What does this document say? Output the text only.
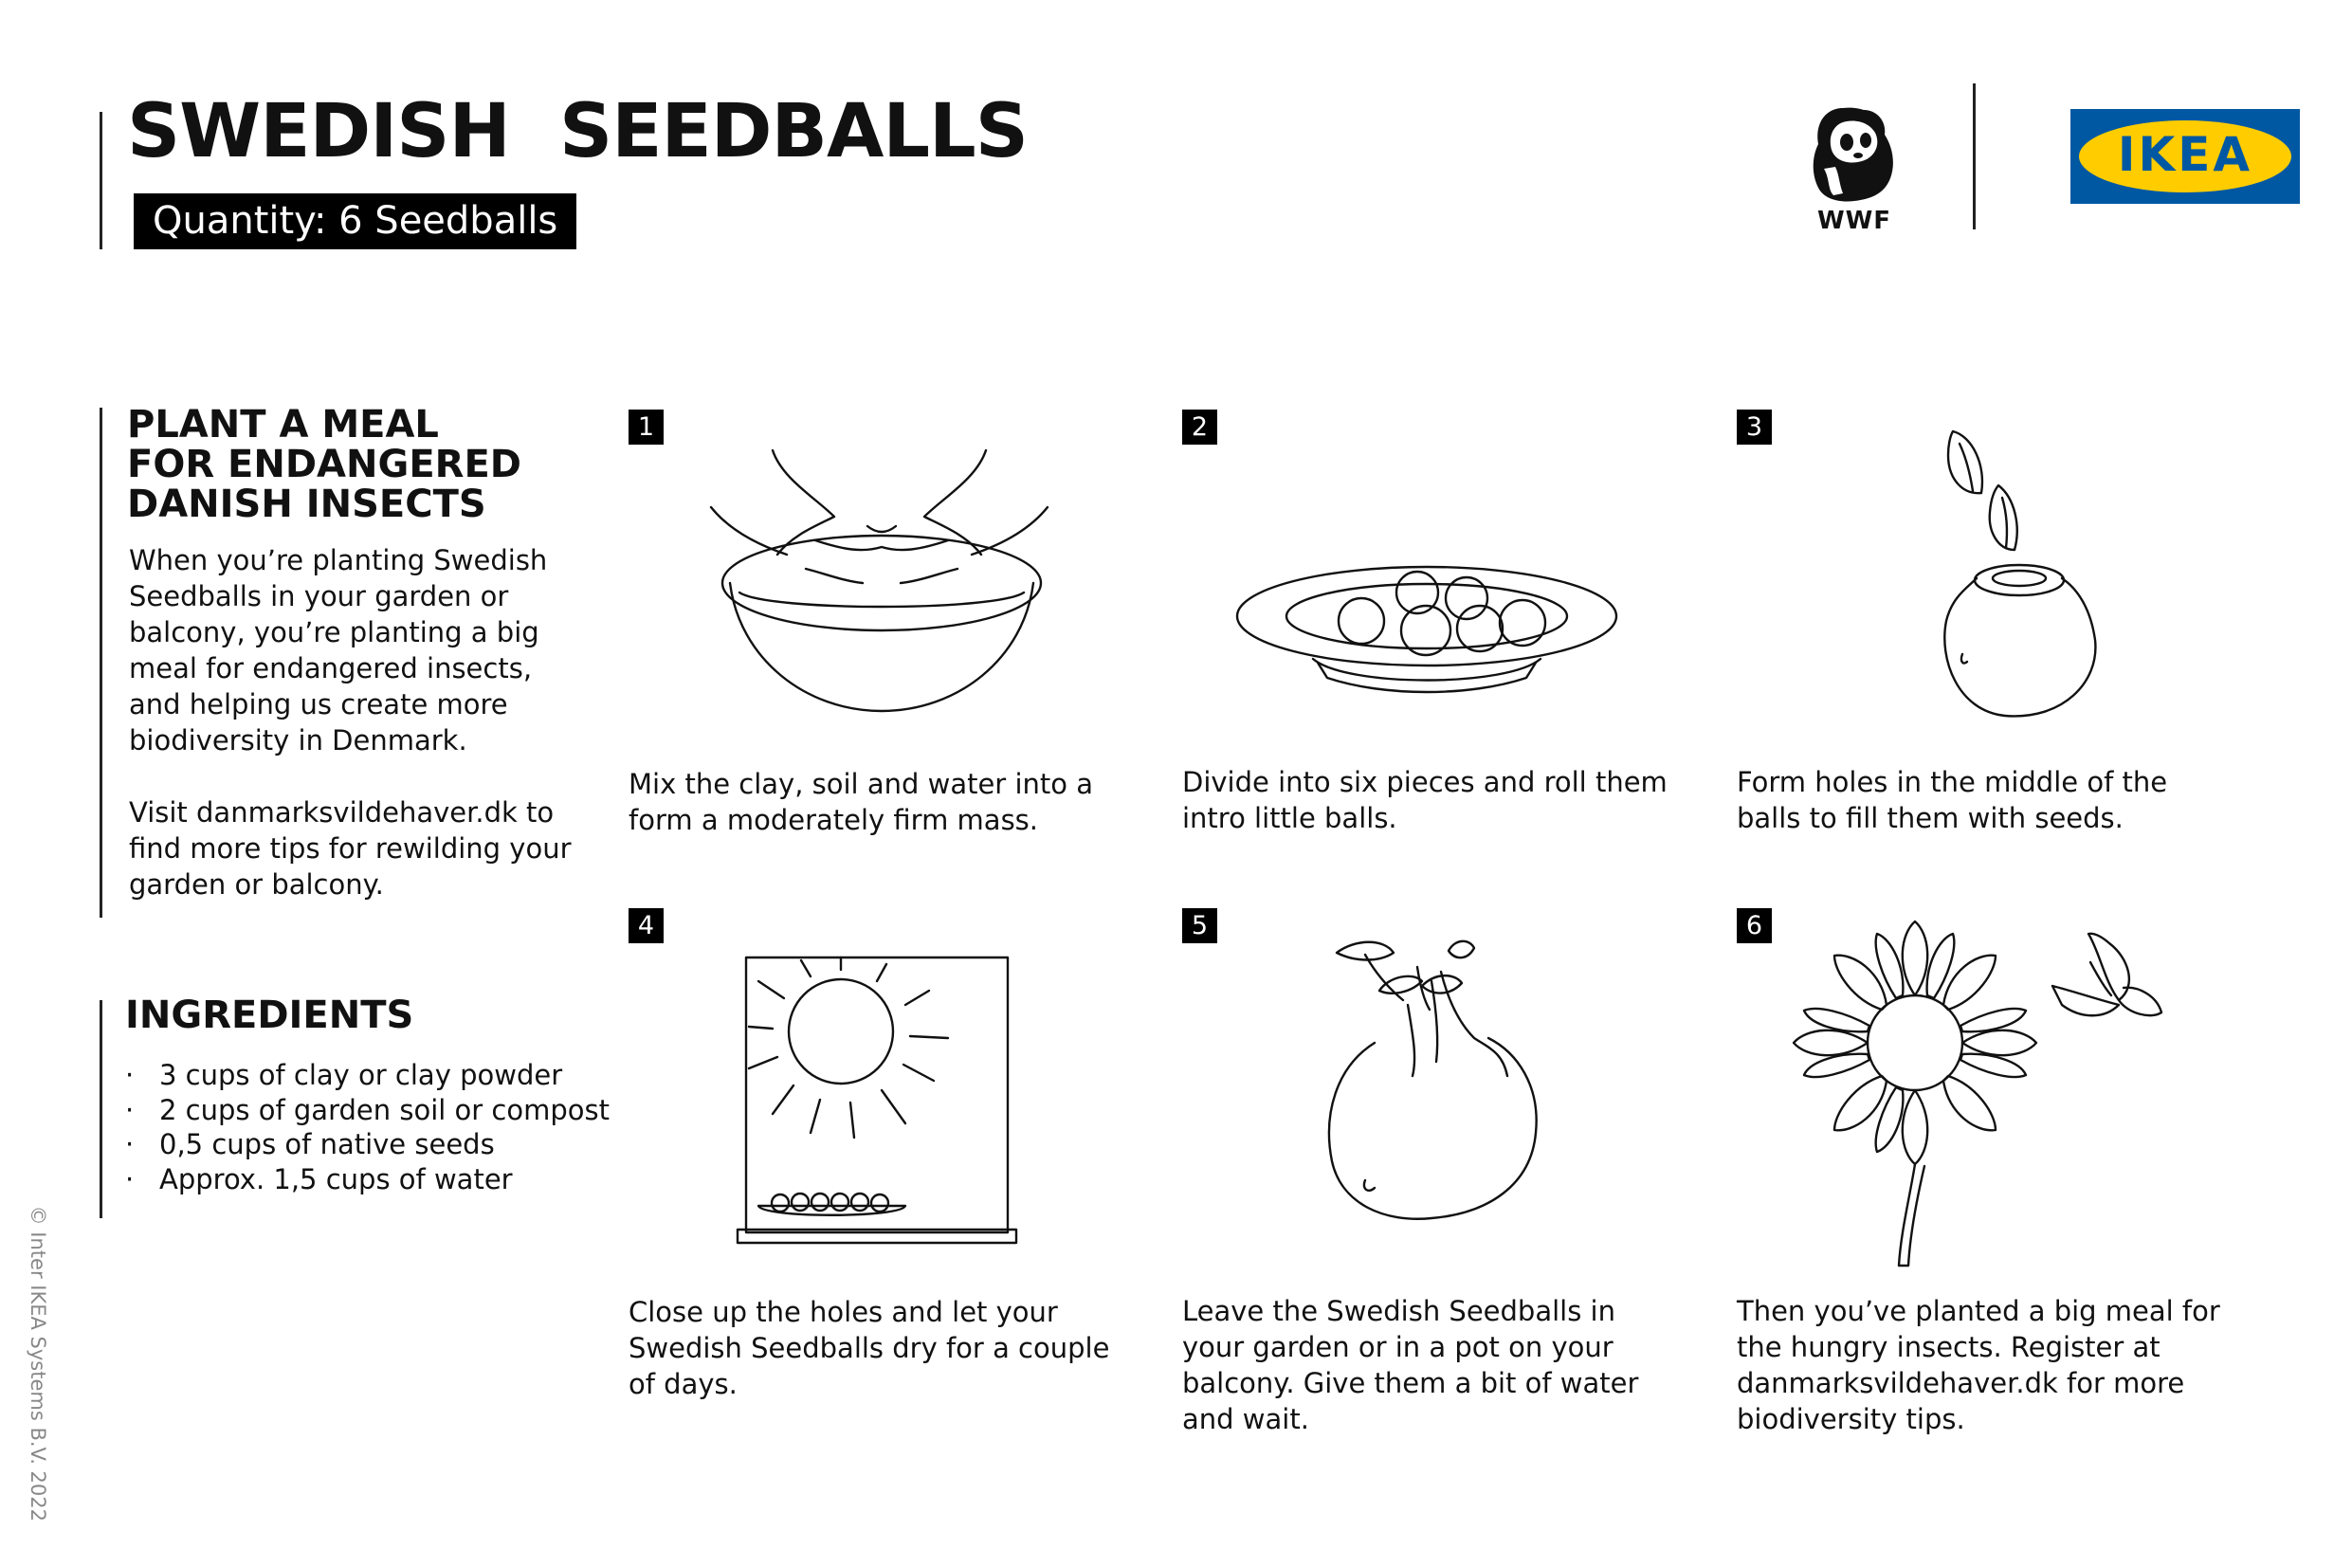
SWEDISH  SEEDBALLS
Quantity: 6 Seedballs	WWF
IKEA	®
PLANT A MEAL
FOR ENDANGERED
DANISH INSECTS
When you’re planting Swedish Seedballs in your garden or balcony, you’re planting a big meal for endangered insects, and helping us create more biodiversity in Denmark.
Visit danmarksvildehaver.dk to find more tips for rewilding your garden or balcony.
INGREDIENTS
· 3 cups of clay or clay powder
· 2 cups of garden soil or compost
· 0,5 cups of native seeds
· Approx. 1,5 cups of water
© Inter IKEA Systems B.V. 2022
1
Mix the clay, soil and water into a form a moderately firm mass.
2
Divide into six pieces and roll them intro little balls.
3
Form holes in the middle of the balls to fill them with seeds.
4
Close up the holes and let your Swedish Seedballs dry for a couple of days.
5
Leave the Swedish Seedballs in your garden or in a pot on your balcony. Give them a bit of water and wait.
6
Then you’ve planted a big meal for the hungry insects. Register at danmarksvildehaver.dk for more biodiversity tips.
